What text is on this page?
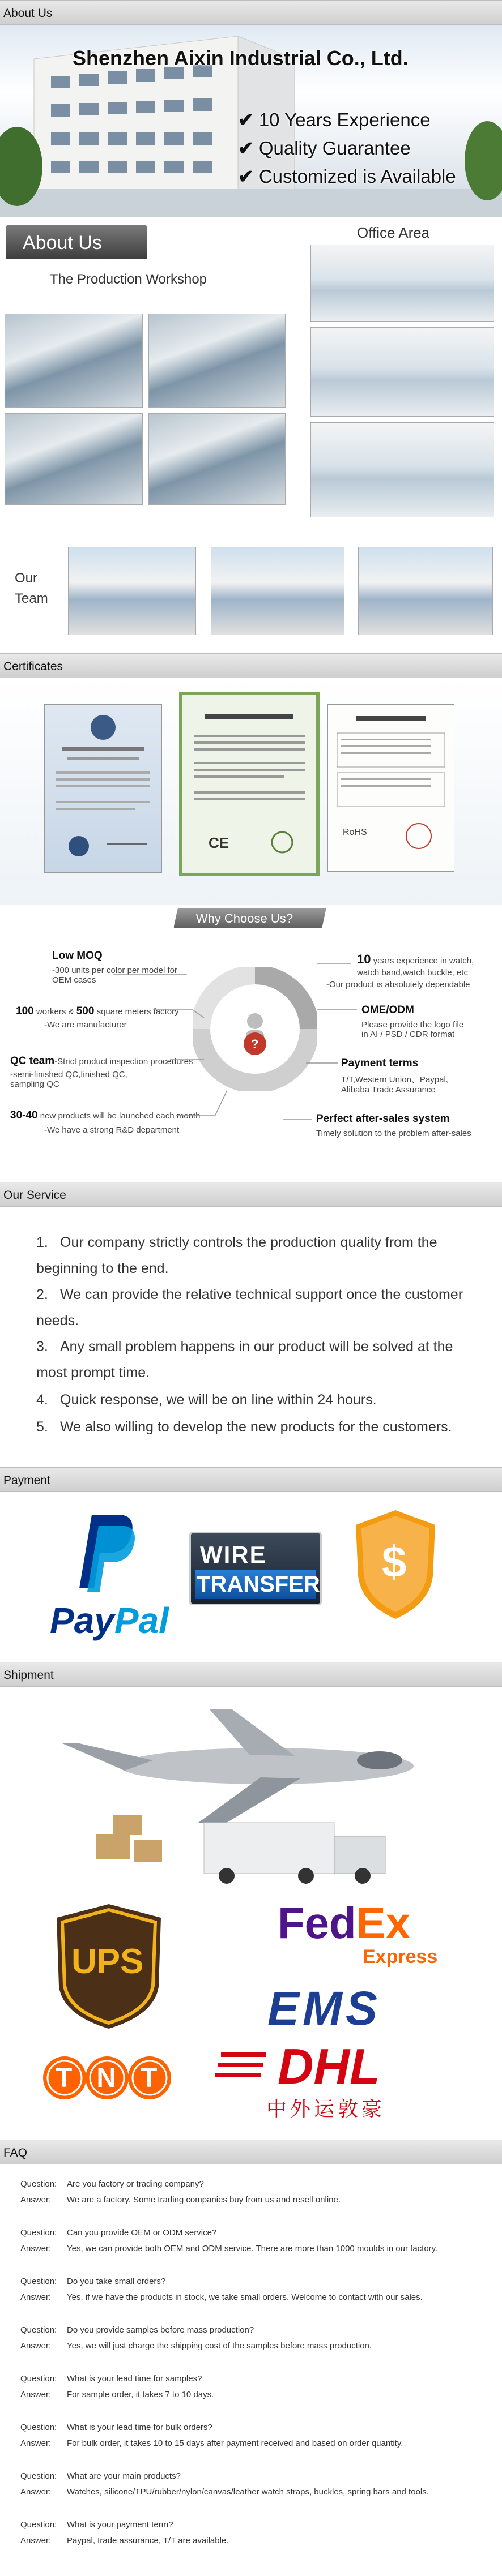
About Us
Shenzhen Aixin Industrial Co., Ltd.
✔ 10 Years Experience
✔ Quality Guarantee
✔ Customized is Available
About Us
The Production Workshop
Office Area
Our
Team
Certificates
CE
RoHS
Why Choose Us?
?
Low MOQ
-300 units per color per model for
OEM cases
100 workers & 500 square meters factory
-We are manufacturer
QC team-Strict product inspection procedures
-semi-finished QC,finished QC,
sampling QC
30-40 new products will be launched each month
-We have a strong R&D department
10 years experience in watch,
watch band,watch buckle, etc
-Our product is absolutely dependable
OME/ODM
Please provide the logo file
in AI / PSD / CDR format
Payment terms
T/T,Western Union、Paypal、
Alibaba Trade Assurance
Perfect after-sales system
Timely solution to the problem after-sales
Our Service
1. Our company strictly controls the production quality from the beginning to the end.
2. We can provide the relative technical support once the customer needs.
3. Any small problem happens in our product will be solved at the most prompt time.
4. Quick response, we will be on line within 24 hours.
5. We also willing to develop the new products for the customers.
Payment
PayPal
WIRE
TRANSFER $
Shipment
UPS
FedEx
Express
EMS
TNT DHL
中外运敦豪
FAQ
Question: Are you factory or trading company?
Answer: We are a factory. Some trading companies buy from us and resell online.
Question: Can you provide OEM or ODM service?
Answer: Yes, we can provide both OEM and ODM service. There are more than 1000 moulds in our factory.
Question: Do you take small orders?
Answer: Yes, if we have the products in stock, we take small orders. Welcome to contact with our sales.
Question: Do you provide samples before mass production?
Answer: Yes, we will just charge the shipping cost of the samples before mass production.
Question: What is your lead time for samples?
Answer: For sample order, it takes 7 to 10 days.
Question: What is your lead time for bulk orders?
Answer: For bulk order, it takes 10 to 15 days after payment received and based on order quantity.
Question: What are your main products?
Answer: Watches, silicone/TPU/rubber/nylon/canvas/leather watch straps, buckles, spring bars and tools.
Question: What is your payment term?
Answer: Paypal, trade assurance, T/T are available.
